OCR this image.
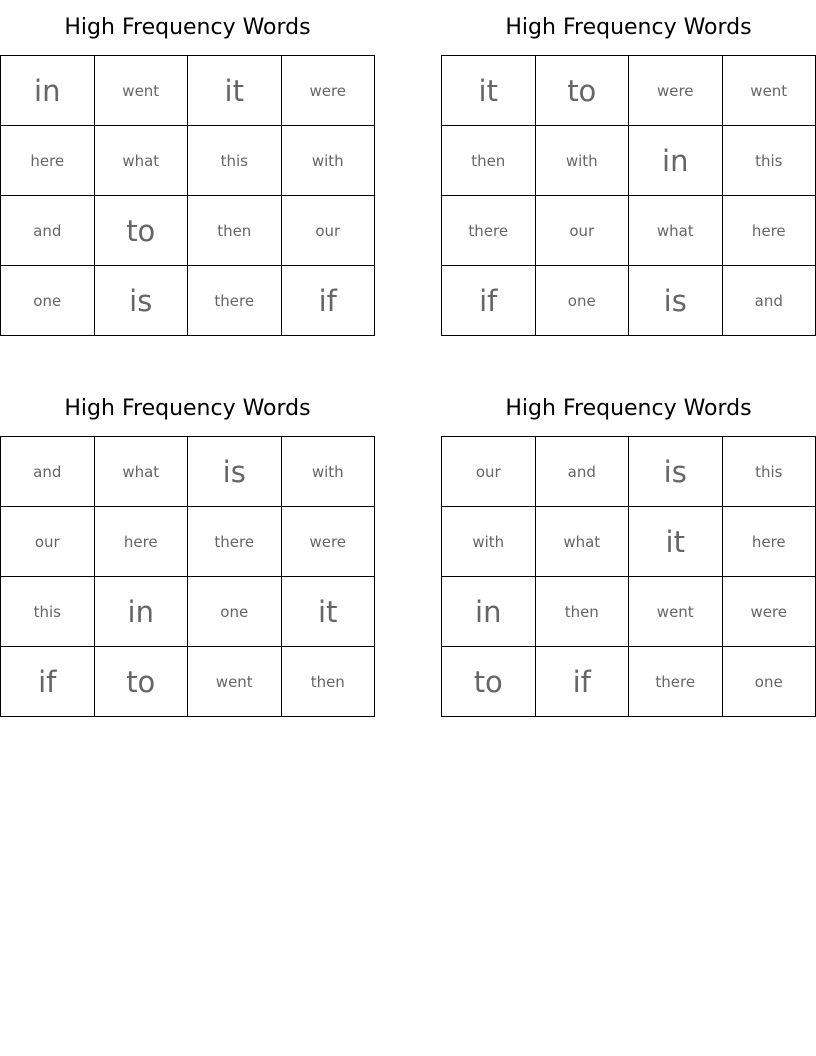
High Frequency Words
in	went	it	were
here	what	this	with
and	to	then	our
one	is	there	if
High Frequency Words
it	to	were	went
then	with	in	this
there	our	what	here
if	one	is	and
High Frequency Words
and	what	is	with
our	here	there	were
this	in	one	it
if	to	went	then
High Frequency Words
our	and	is	this
with	what	it	here
in	then	went	were
to	if	there	one
